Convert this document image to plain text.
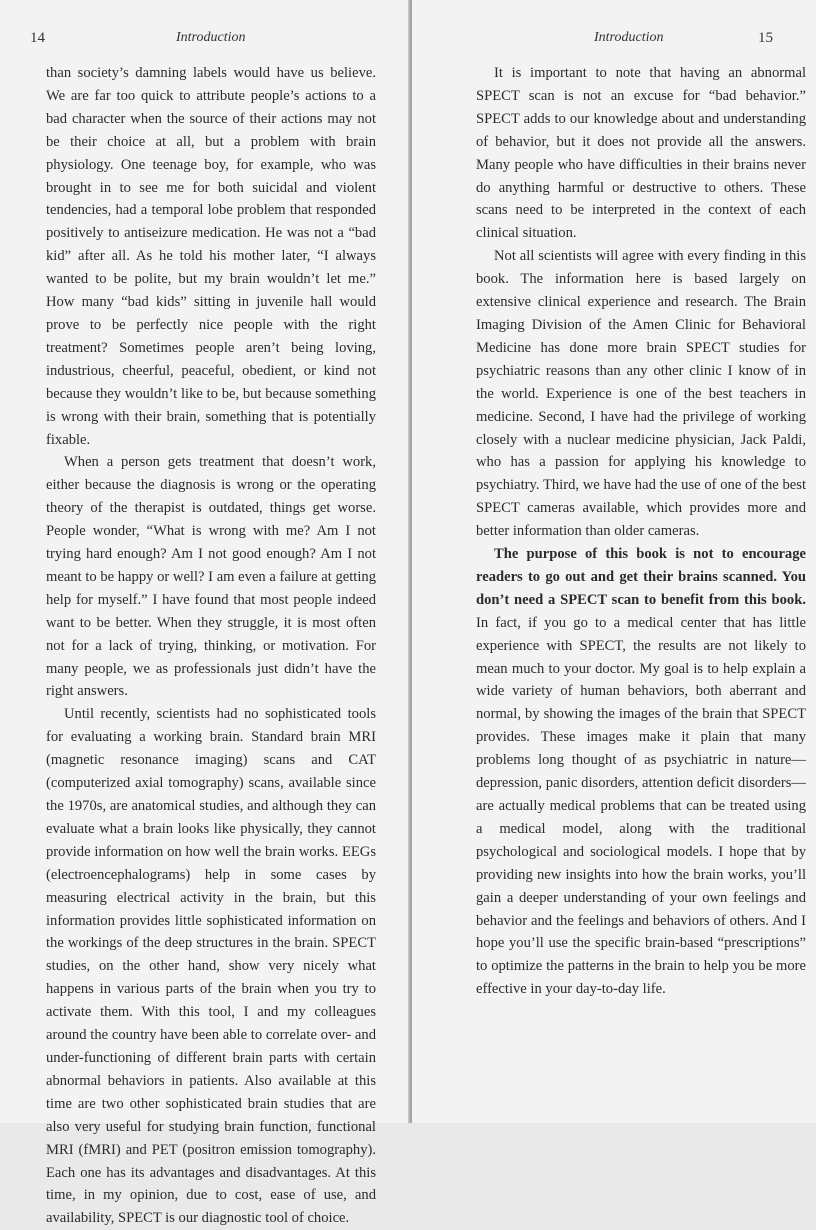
14	Introduction

than society’s damning labels would have us believe. We are far too quick to attribute people’s actions to a bad character when the source of their actions may not be their choice at all, but a problem with brain physiology. One teenage boy, for example, who was brought in to see me for both suicidal and violent tendencies, had a temporal lobe problem that responded positively to antiseizure medication. He was not a “bad kid” after all. As he told his mother later, “I always wanted to be polite, but my brain wouldn’t let me.” How many “bad kids” sitting in juvenile hall would prove to be perfectly nice people with the right treatment? Sometimes people aren’t being loving, industrious, cheerful, peaceful, obedient, or kind not because they wouldn’t like to be, but because something is wrong with their brain, something that is potentially fixable.

When a person gets treatment that doesn’t work, either because the diagnosis is wrong or the operating theory of the therapist is outdated, things get worse. People wonder, “What is wrong with me? Am I not trying hard enough? Am I not good enough? Am I not meant to be happy or well? I am even a failure at getting help for myself.” I have found that most people indeed want to be better. When they struggle, it is most often not for a lack of trying, thinking, or motivation. For many people, we as professionals just didn’t have the right answers.

Until recently, scientists had no sophisticated tools for evaluating a working brain. Standard brain MRI (magnetic resonance imaging) scans and CAT (computerized axial tomography) scans, available since the 1970s, are anatomical studies, and although they can evaluate what a brain looks like physically, they cannot provide information on how well the brain works. EEGs (electroencephalograms) help in some cases by measuring electrical activity in the brain, but this information provides little sophisticated information on the workings of the deep structures in the brain. SPECT studies, on the other hand, show very nicely what happens in various parts of the brain when you try to activate them. With this tool, I and my colleagues around the country have been able to correlate over- and under-functioning of different brain parts with certain abnormal behaviors in patients. Also available at this time are two other sophisticated brain studies that are also very useful for studying brain function, functional MRI (fMRI) and PET (positron emission tomography). Each one has its advantages and disadvantages. At this time, in my opinion, due to cost, ease of use, and availability, SPECT is our diagnostic tool of choice.

Introduction	15

It is important to note that having an abnormal SPECT scan is not an excuse for “bad behavior.” SPECT adds to our knowledge about and understanding of behavior, but it does not provide all the answers. Many people who have difficulties in their brains never do anything harmful or destructive to others. These scans need to be interpreted in the context of each clinical situation.

Not all scientists will agree with every finding in this book. The information here is based largely on extensive clinical experience and research. The Brain Imaging Division of the Amen Clinic for Behavioral Medicine has done more brain SPECT studies for psychiatric reasons than any other clinic I know of in the world. Experience is one of the best teachers in medicine. Second, I have had the privilege of working closely with a nuclear medicine physician, Jack Paldi, who has a passion for applying his knowledge to psychiatry. Third, we have had the use of one of the best SPECT cameras available, which provides more and better information than older cameras.

The purpose of this book is not to encourage readers to go out and get their brains scanned. You don’t need a SPECT scan to benefit from this book. In fact, if you go to a medical center that has little experience with SPECT, the results are not likely to mean much to your doctor. My goal is to help explain a wide variety of human behaviors, both aberrant and normal, by showing the images of the brain that SPECT provides. These images make it plain that many problems long thought of as psychiatric in nature—depression, panic disorders, attention deficit disorders—are actually medical problems that can be treated using a medical model, along with the traditional psychological and sociological models. I hope that by providing new insights into how the brain works, you’ll gain a deeper understanding of your own feelings and behavior and the feelings and behaviors of others. And I hope you’ll use the specific brain-based “prescriptions” to optimize the patterns in the brain to help you be more effective in your day-to-day life.
